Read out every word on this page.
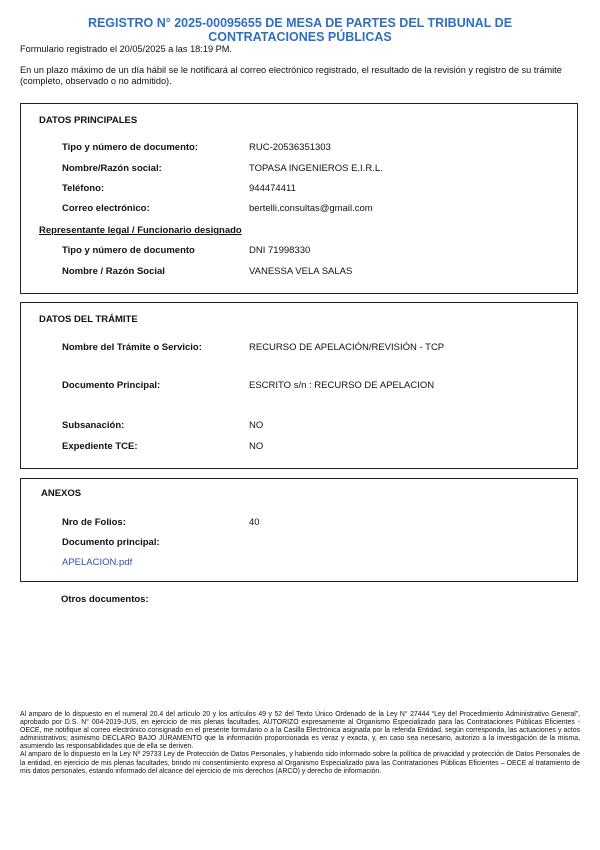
REGISTRO N° 2025-00095655 DE MESA DE PARTES DEL TRIBUNAL DE
CONTRATACIONES PÚBLICAS

Formulario registrado el 20/05/2025 a las 18:19 PM.

En un plazo máximo de un día hábil se le notificará al correo electrónico registrado, el resultado de la revisión y registro de su trámite (completo, observado o no admitido).

DATOS PRINCIPALES
Tipo y número de documento:	RUC-20536351303
Nombre/Razón social:	TOPASA INGENIEROS E.I.R.L.
Teléfono:	944474411
Correo electrónico:	bertelli.consultas@gmail.com
Representante legal / Funcionario designado
Tipo y número de documento	DNI 71998330
Nombre / Razón Social	VANESSA VELA SALAS
DATOS DEL TRÁMITE
Nombre del Trámite o Servicio:	RECURSO DE APELACIÓN/REVISIÓN - TCP
Documento Principal:	ESCRITO s/n : RECURSO DE APELACION
Subsanación:	NO
Expediente TCE:	NO
ANEXOS
Nro de Folios:	40
Documento principal:
APELACION.pdf
Otros documentos:

Al amparo de lo dispuesto en el numeral 20.4 del artículo 20 y los artículos 49 y 52 del Texto Único Ordenado de la Ley N° 27444 “Ley del Procedimiento Administrativo General”, aprobado por D.S. N° 004-2019-JUS, en ejercicio de mis plenas facultades, AUTORIZO expresamente al Organismo Especializado para las Contrataciones Públicas Eficientes - OECE, me notifique al correo electrónico consignado en el presente formulario o a la Casilla Electrónica asignada por la referida Entidad, según corresponda, las actuaciones y actos administrativos; asimismo DECLARO BAJO JURAMENTO que la información proporcionada es veraz y exacta, y, en caso sea necesario, autorizo a la investigación de la misma, asumiendo las responsabilidades que de ella se deriven.

Al amparo de lo dispuesto en la Ley Nº 29733 Ley de Protección de Datos Personales, y habiendo sido informado sobre la política de privacidad y protección de Datos Personales de la entidad, en ejercicio de mis plenas facultades, brindo mi consentimiento expreso al Organismo Especializado para las Contrataciones Públicas Eficientes – OECE al tratamiento de mis datos personales, estando informado del alcance del ejercicio de mis derechos (ARCO) y derecho de información.
